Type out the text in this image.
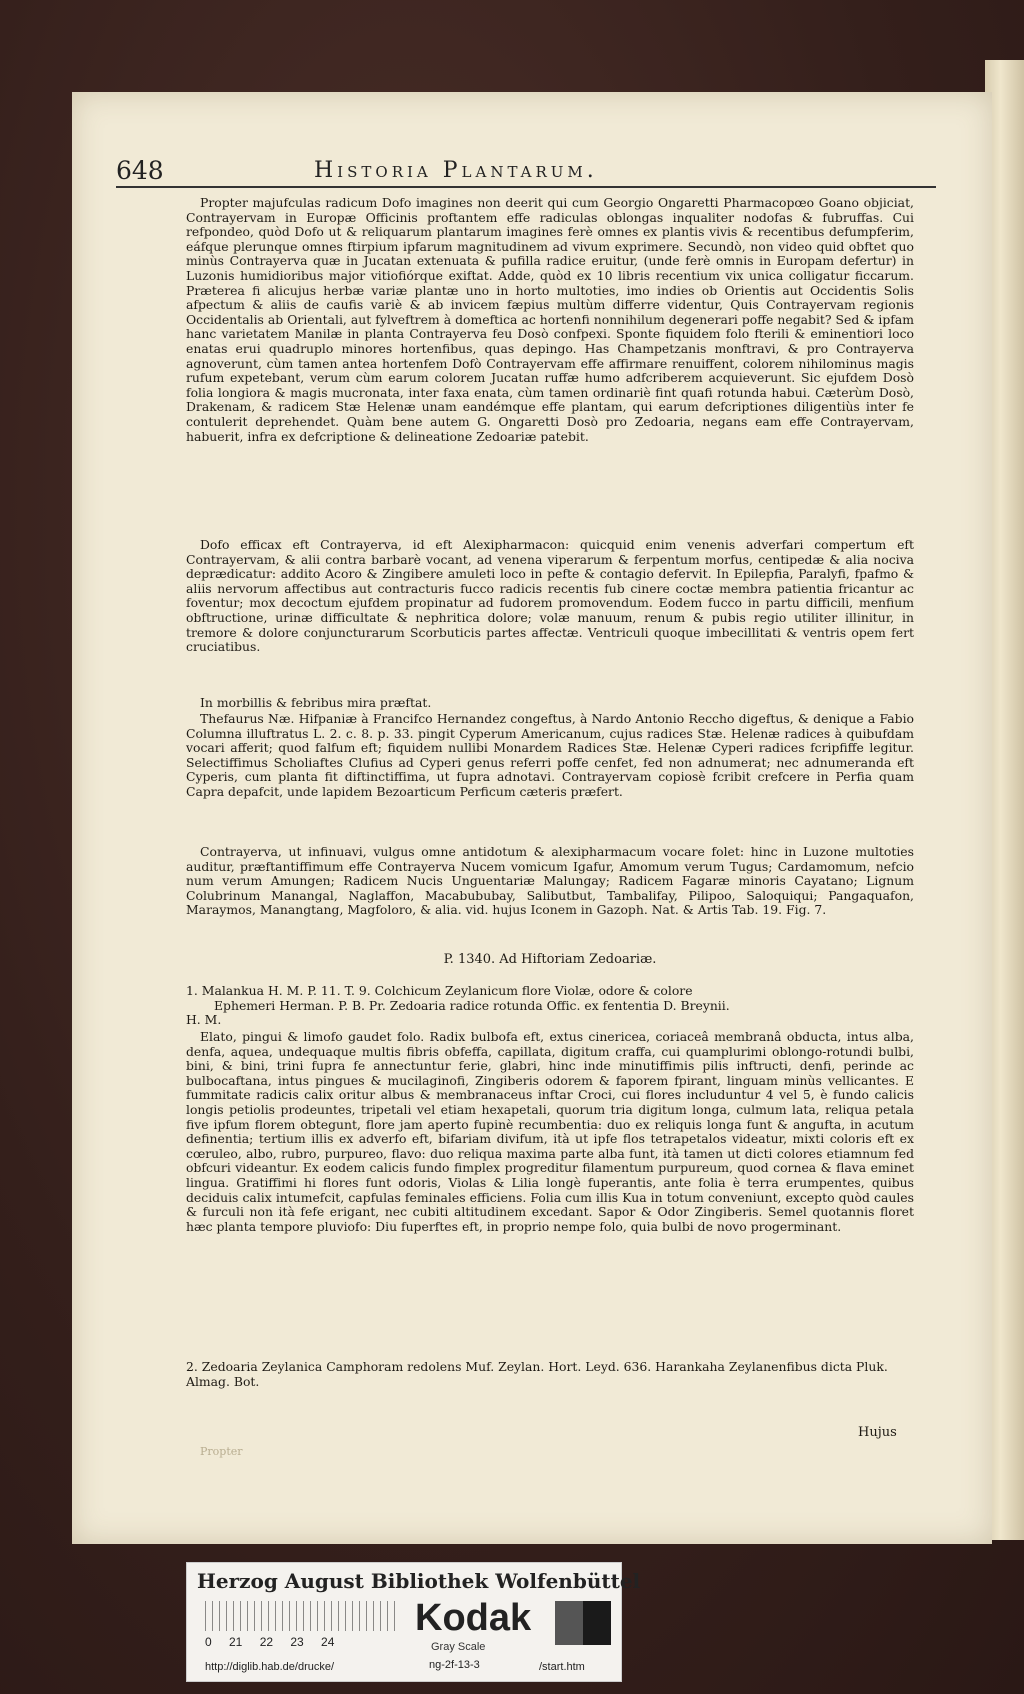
648	Historia Plantarum.

Propter majufculas radicum Dofo imagines non deerit qui cum Georgio Ongaretti Pharmacopœo Goano objiciat, Contrayervam in Europæ Officinis proftantem effe radiculas oblongas inqualiter nodofas & fubruffas. Cui refpondeo, quòd Dofo ut & reliquarum plantarum imagines ferè omnes ex plantis vivis & recentibus defumpferim, eáfque plerunque omnes ftirpium ipfarum magnitudinem ad vivum exprimere. Secundò, non video quid obftet quo minùs Contrayerva quæ in Jucatan extenuata & pufilla radice eruitur, (unde ferè omnis in Europam defertur) in Luzonis humidioribus major vitiofiórque exiftat. Adde, quòd ex 10 libris recentium vix unica colligatur ficcarum. Præterea fi alicujus herbæ variæ plantæ uno in horto multoties, imo indies ob Orientis aut Occidentis Solis afpectum & aliis de caufis variè & ab invicem fæpius multùm differre videntur, Quis Contrayervam regionis Occidentalis ab Orientali, aut fylveftrem à domeftica ac hortenfi nonnihilum degenerari poffe negabit? Sed & ipfam hanc varietatem Manilæ in planta Contrayerva feu Dosò confpexi. Sponte fiquidem folo fterili & eminentiori loco enatas erui quadruplo minores hortenfibus, quas depingo. Has Champetzanis monftravi, & pro Contrayerva agnoverunt, cùm tamen antea hortenfem Dofò Contrayervam effe affirmare renuiffent, colorem nihilominus magis rufum expetebant, verum cùm earum colorem Jucatan ruffæ humo adfcriberem acquieverunt. Sic ejufdem Dosò folia longiora & magis mucronata, inter faxa enata, cùm tamen ordinariè fint quafi rotunda habui. Cæterùm Dosò, Drakenam, & radicem Stæ Helenæ unam eandémque effe plantam, qui earum defcriptiones diligentiùs inter fe contulerit deprehendet. Quàm bene autem G. Ongaretti Dosò pro Zedoaria, negans eam effe Contrayervam, habuerit, infra ex defcriptione & delineatione Zedoariæ patebit.

Dofo efficax eft Contrayerva, id eft Alexipharmacon: quicquid enim venenis adverfari compertum eft Contrayervam, & alii contra barbarè vocant, ad venena viperarum & ferpentum morfus, centipedæ & alia nociva deprædicatur: addito Acoro & Zingibere amuleti loco in pefte & contagio defervit. In Epilepfia, Paralyfi, fpafmo & aliis nervorum affectibus aut contracturis fucco radicis recentis fub cinere coctæ membra patientia fricantur ac foventur; mox decoctum ejufdem propinatur ad fudorem promovendum. Eodem fucco in partu difficili, menfium obftructione, urinæ difficultate & nephritica dolore; volæ manuum, renum & pubis regio utiliter illinitur, in tremore & dolore conjuncturarum Scorbuticis partes affectæ. Ventriculi quoque imbecillitati & ventris opem fert cruciatibus.

In morbillis & febribus mira præftat.

Thefaurus Næ. Hifpaniæ à Francifco Hernandez congeftus, à Nardo Antonio Reccho digeftus, & denique a Fabio Columna illuftratus L. 2. c. 8. p. 33. pingit Cyperum Americanum, cujus radices Stæ. Helenæ radices à quibufdam vocari afferit; quod falfum eft; fiquidem nullibi Monardem Radices Stæ. Helenæ Cyperi radices fcripfiffe legitur. Selectiffimus Scholiaftes Clufius ad Cyperi genus referri poffe cenfet, fed non adnumerat; nec adnumeranda eft Cyperis, cum planta fit diftinctiffima, ut fupra adnotavi. Contrayervam copiosè fcribit crefcere in Perfia quam Capra depafcit, unde lapidem Bezoarticum Perficum cæteris præfert.

Contrayerva, ut infinuavi, vulgus omne antidotum & alexipharmacum vocare folet: hinc in Luzone multoties auditur, præftantiffimum effe Contrayerva Nucem vomicum Igafur, Amomum verum Tugus; Cardamomum, nefcio num verum Amungen; Radicem Nucis Unguentariæ Malungay; Radicem Fagaræ minoris Cayatano; Lignum Colubrinum Manangal, Naglaffon, Macabububay, Salibutbut, Tambalifay, Pilipoo, Saloquiqui; Pangaquafon, Maraymos, Manangtang, Magfoloro, & alia. vid. hujus Iconem in Gazoph. Nat. & Artis Tab. 19. Fig. 7.

P. 1340. Ad Hiftoriam Zedoariæ.

1. Malankua H. M. P. 11. T. 9. Colchicum Zeylanicum flore Violæ, odore & colore
Ephemeri Herman. P. B. Pr. Zedoaria radice rotunda Offic. ex fententia D. Breynii.
H. M.

Elato, pingui & limofo gaudet folo. Radix bulbofa eft, extus cinericea, coriaceâ membranâ obducta, intus alba, denfa, aquea, undequaque multis fibris obfeffa, capillata, digitum craffa, cui quamplurimi oblongo-rotundi bulbi, bini, & bini, trini fupra fe annectuntur ferie, glabri, hinc inde minutiffimis pilis inftructi, denfi, perinde ac bulbocaftana, intus pingues & mucilaginofi, Zingiberis odorem & faporem fpirant, linguam minùs vellicantes. E fummitate radicis calix oritur albus & membranaceus inftar Croci, cui flores includuntur 4 vel 5, è fundo calicis longis petiolis prodeuntes, tripetali vel etiam hexapetali, quorum tria digitum longa, culmum lata, reliqua petala five ipfum florem obtegunt, flore jam aperto fupinè recumbentia: duo ex reliquis longa funt & angufta, in acutum definentia; tertium illis ex adverfo eft, bifariam divifum, ità ut ipfe flos tetrapetalos videatur, mixti coloris eft ex cœruleo, albo, rubro, purpureo, flavo: duo reliqua maxima parte alba funt, ità tamen ut dicti colores etiamnum fed obfcuri videantur. Ex eodem calicis fundo fimplex progreditur filamentum purpureum, quod cornea & flava eminet lingua. Gratiffimi hi flores funt odoris, Violas & Lilia longè fuperantis, ante folia è terra erumpentes, quibus deciduis calix intumefcit, capfulas feminales efficiens. Folia cum illis Kua in totum conveniunt, excepto quòd caules & furculi non ità fefe erigant, nec cubiti altitudinem excedant. Sapor & Odor Zingiberis. Semel quotannis floret hæc planta tempore pluviofo: Diu fuperftes eft, in proprio nempe folo, quia bulbi de novo progerminant.

2. Zedoaria Zeylanica Camphoram redolens Muf. Zeylan. Hort. Leyd. 636. Harankaha Zeylanenfibus dicta Pluk. Almag. Bot.

Hujus
Propter
Herzog August Bibliothek Wolfenbüttel
0 21 22 23 24
Kodak
Gray Scale
http://diglib.hab.de/drucke/	ng-2f-13-3	/start.htm
